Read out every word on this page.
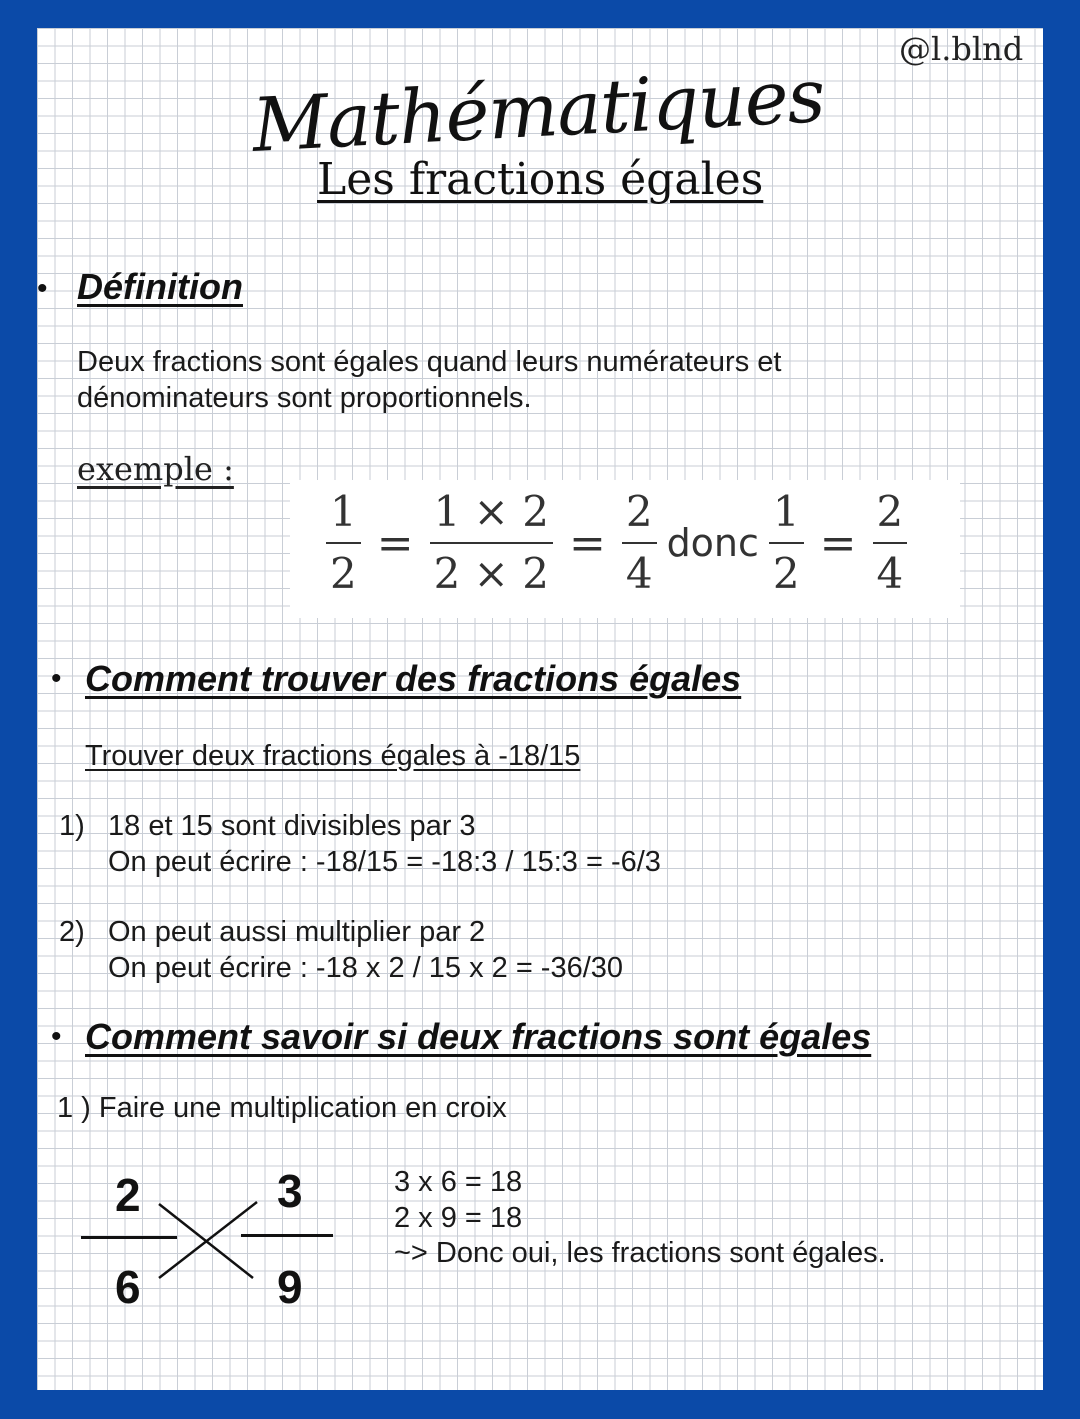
@l.blnd
Mathématiques
Les fractions égales
• Définition
Deux fractions sont égales quand leurs numérateurs et
dénominateurs sont proportionnels.
exemple :
$\frac{1}{2} = \frac{1 \times 2}{2 \times 2} = \frac{2}{4}$ donc $\frac{1}{2} = \frac{2}{4}$
• Comment trouver des fractions égales
Trouver deux fractions égales à -18/15
1) 18 et 15 sont divisibles par 3
On peut écrire : -18/15 = -18:3 / 15:3 = -6/3
2) On peut aussi multiplier par 2
On peut écrire : -18 x 2 / 15 x 2 = -36/30
• Comment savoir si deux fractions sont égales
1 ) Faire une multiplication en croix
2
6
3
9
3 x 6 = 18
2 x 9 = 18
~> Donc oui, les fractions sont égales.
